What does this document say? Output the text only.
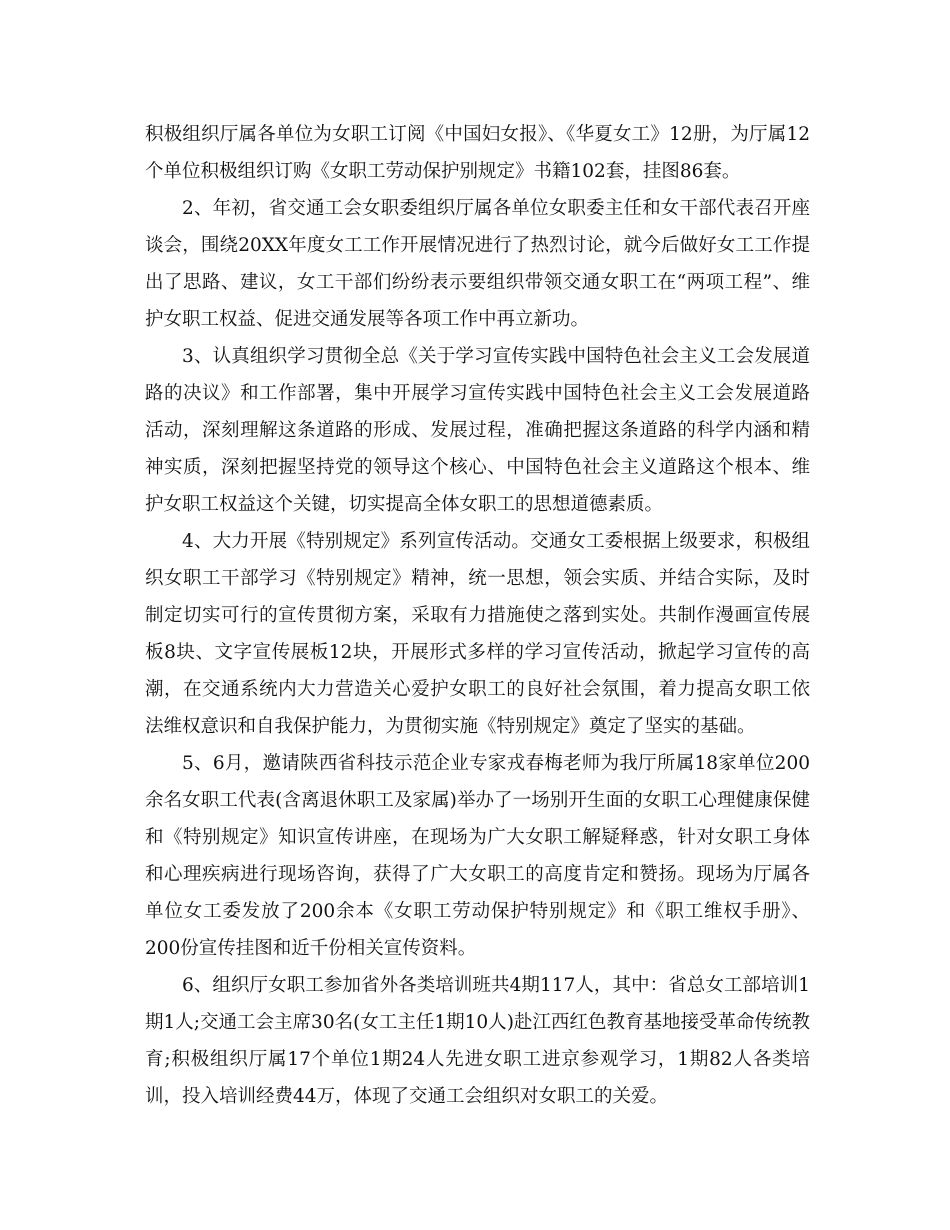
积极组织厅属各单位为女职工订阅《中国妇女报》、《华夏女工》12册，为厅属12个单位积极组织订购《女职工劳动保护别规定》书籍102套，挂图86套。

2、年初，省交通工会女职委组织厅属各单位女职委主任和女干部代表召开座谈会，围绕20XX年度女工工作开展情况进行了热烈讨论，就今后做好女工工作提出了思路、建议，女工干部们纷纷表示要组织带领交通女职工在“两项工程”、维护女职工权益、促进交通发展等各项工作中再立新功。

3、认真组织学习贯彻全总《关于学习宣传实践中国特色社会主义工会发展道路的决议》和工作部署，集中开展学习宣传实践中国特色社会主义工会发展道路活动，深刻理解这条道路的形成、发展过程，准确把握这条道路的科学内涵和精神实质，深刻把握坚持党的领导这个核心、中国特色社会主义道路这个根本、维护女职工权益这个关键，切实提高全体女职工的思想道德素质。

4、大力开展《特别规定》系列宣传活动。交通女工委根据上级要求，积极组织女职工干部学习《特别规定》精神，统一思想，领会实质、并结合实际，及时制定切实可行的宣传贯彻方案，采取有力措施使之落到实处。共制作漫画宣传展板8块、文字宣传展板12块，开展形式多样的学习宣传活动，掀起学习宣传的高潮，在交通系统内大力营造关心爱护女职工的良好社会氛围，着力提高女职工依法维权意识和自我保护能力，为贯彻实施《特别规定》奠定了坚实的基础。

5、6月，邀请陕西省科技示范企业专家戎春梅老师为我厅所属18家单位200余名女职工代表(含离退休职工及家属)举办了一场别开生面的女职工心理健康保健和《特别规定》知识宣传讲座，在现场为广大女职工解疑释惑，针对女职工身体和心理疾病进行现场咨询，获得了广大女职工的高度肯定和赞扬。现场为厅属各单位女工委发放了200余本《女职工劳动保护特别规定》和《职工维权手册》、200份宣传挂图和近千份相关宣传资料。

6、组织厅女职工参加省外各类培训班共4期117人，其中：省总女工部培训1期1人;交通工会主席30名(女工主任1期10人)赴江西红色教育基地接受革命传统教育;积极组织厅属17个单位1期24人先进女职工进京参观学习，1期82人各类培训，投入培训经费44万，体现了交通工会组织对女职工的关爱。
